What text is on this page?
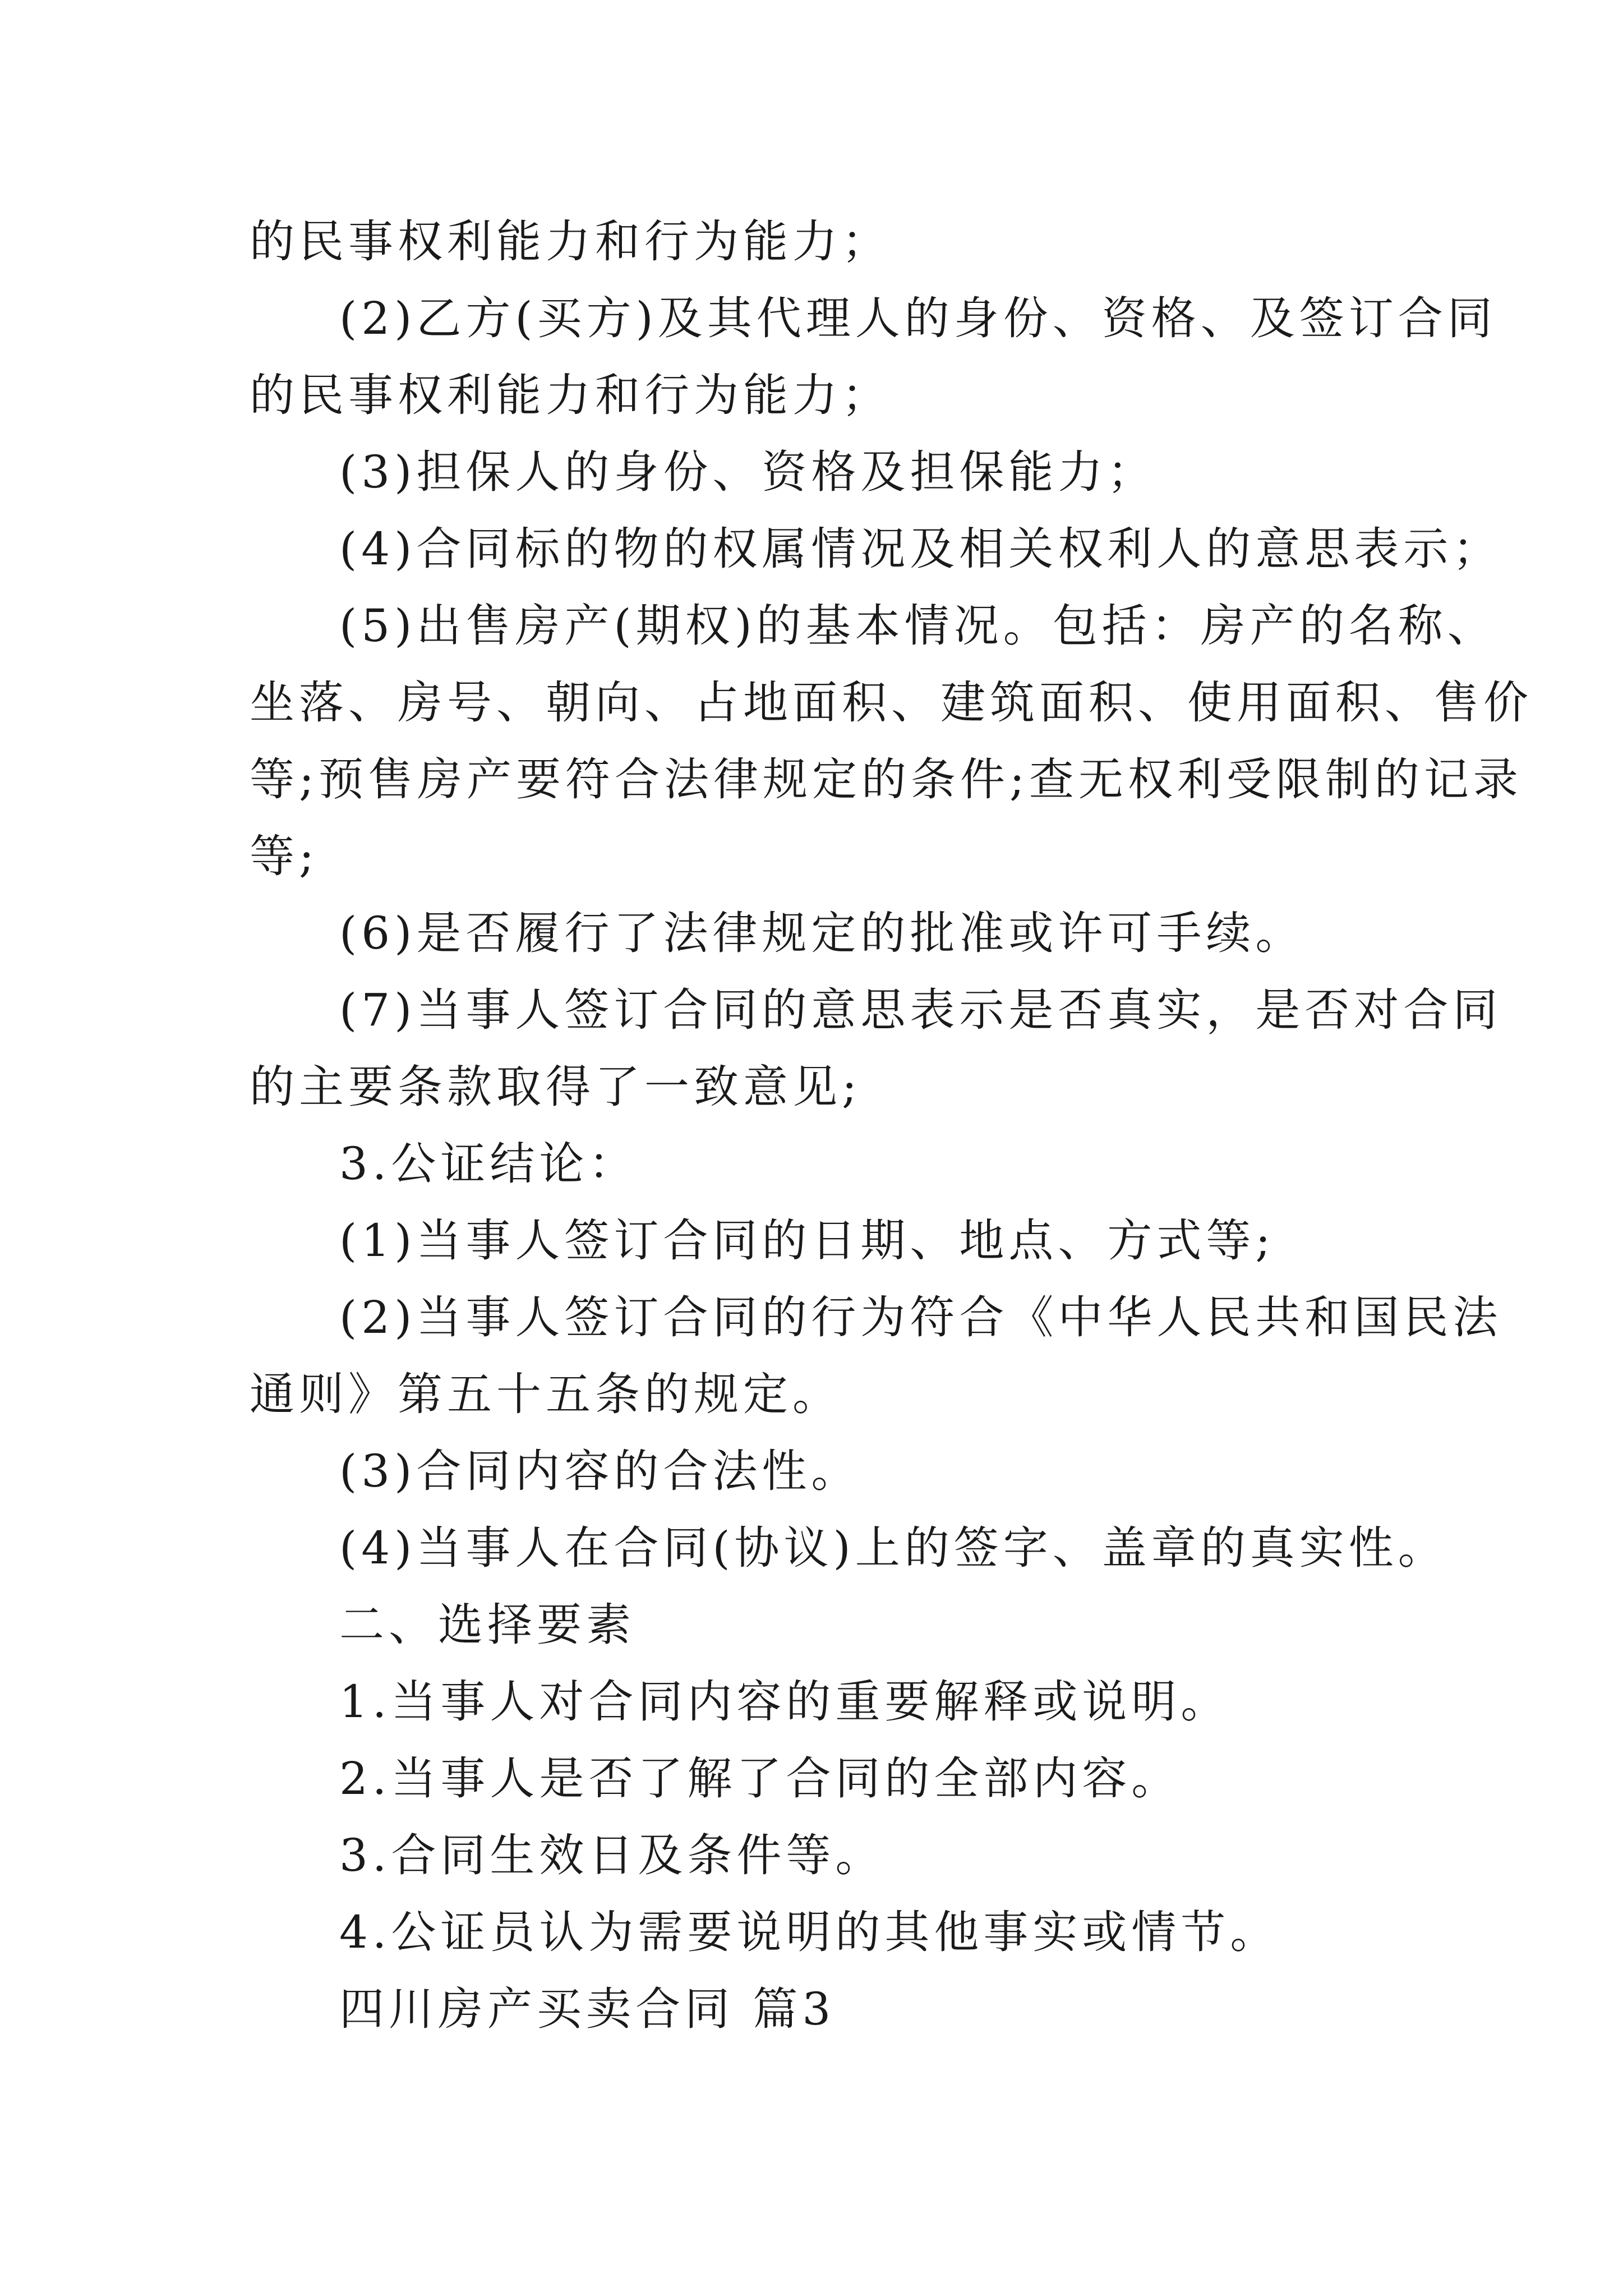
的民事权利能力和行为能力；

(2)乙方(买方)及其代理人的身份、资格、及签订合同

的民事权利能力和行为能力；

(3)担保人的身份、资格及担保能力；

(4)合同标的物的权属情况及相关权利人的意思表示；

(5)出售房产(期权)的基本情况。包括：房产的名称、

坐落、房号、朝向、占地面积、建筑面积、使用面积、售价

等;预售房产要符合法律规定的条件;查无权利受限制的记录

等;

(6)是否履行了法律规定的批准或许可手续。

(7)当事人签订合同的意思表示是否真实，是否对合同

的主要条款取得了一致意见;

3.公证结论：

(1)当事人签订合同的日期、地点、方式等;

(2)当事人签订合同的行为符合《中华人民共和国民法

通则》第五十五条的规定。

(3)合同内容的合法性。

(4)当事人在合同(协议)上的签字、盖章的真实性。

二、选择要素

1.当事人对合同内容的重要解释或说明。

2.当事人是否了解了合同的全部内容。

3.合同生效日及条件等。

4.公证员认为需要说明的其他事实或情节。

四川房产买卖合同 篇3
